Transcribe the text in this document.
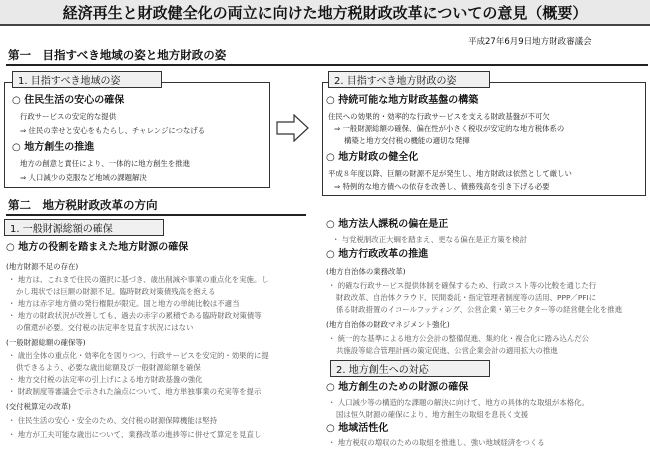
経済再生と財政健全化の両立に向けた地方税財政改革についての意見（概要）
平成27年6月9日地方財政審議会
第一　目指すべき地域の姿と地方財政の姿
1. 目指すべき地域の姿
○ 住民生活の安心の確保
行政サービスの安定的な提供
⇒ 住民の幸せと安心をもたらし、チャレンジにつなげる
○ 地方創生の推進
地方の創意と責任により、一体的に地方創生を推進
⇒ 人口減少の克服など地域の課題解決
2. 目指すべき地方財政の姿
○ 持続可能な地方財政基盤の構築
住民への効果的・効率的な行政サービスを支える財政基盤が不可欠
⇒ 一般財源総額の確保、偏在性が小さく税収が安定的な地方税体系の
構築と地方交付税の機能の適切な発揮
○ 地方財政の健全化
平成８年度以降、巨額の財源不足が発生し、地方財政は依然として厳しい
⇒ 特例的な地方債への依存を改善し、債務残高を引き下げる必要
第二　地方税財政改革の方向
1. 一般財源総額の確保
○ 地方の役割を踏まえた地方財源の確保
(地方財源不足の存在)
・ 地方は、これまで住民の選択に基づき、歳出削減や事業の重点化を実施。し
かし現状では巨額の財源不足。臨時財政対策債残高を抱える
・ 地方は赤字地方債の発行権限が限定。国と地方の単純比較は不適当
・ 地方の財政状況が改善しても、過去の赤字の累積である臨時財政対策債等
の償還が必要。交付税の法定率を見直す状況にはない
(一般財源総額の確保等)
・ 歳出全体の重点化・効率化を図りつつ、行政サービスを安定的・効果的に提
供できるよう、必要な歳出総額及び一般財源総額を確保
・ 地方交付税の法定率の引上げによる地方財政基盤の強化
・ 財政制度等審議会で示された論点について、地方単独事業の充実等を提示
(交付税算定の改革)
・ 住民生活の安心・安全のため、交付税の財源保障機能は堅持
・ 地方が工夫可能な歳出について、業務改革の進捗等に併せて算定を見直し
○ 地方法人課税の偏在是正
・ 与党税制改正大綱を踏まえ、更なる偏在是正方策を検討
○ 地方行政改革の推進
(地方自治体の業務改革)
・ 的確な行政サービス提供体制を確保するため、行政コスト等の比較を通じた行
財政改革、自治体クラウド、民間委託・指定管理者制度等の活用、PPP／PFIに
係る財政措置のイコールフッティング、公営企業・第三セクター等の経営健全化を推進
(地方自治体の財政マネジメント強化)
・ 統一的な基準による地方公会計の整備促進、集約化・複合化に踏み込んだ公
共施設等総合管理計画の策定促進、公営企業会計の適用拡大の推進
2. 地方創生への対応
○ 地方創生のための財源の確保
・ 人口減少等の構造的な課題の解決に向けて、地方の具体的な取組が本格化。
国は恒久財源の確保により、地方創生の取組を息長く支援
○ 地域活性化
・ 地方税収の増収のための取組を推進し、強い地域経済をつくる
